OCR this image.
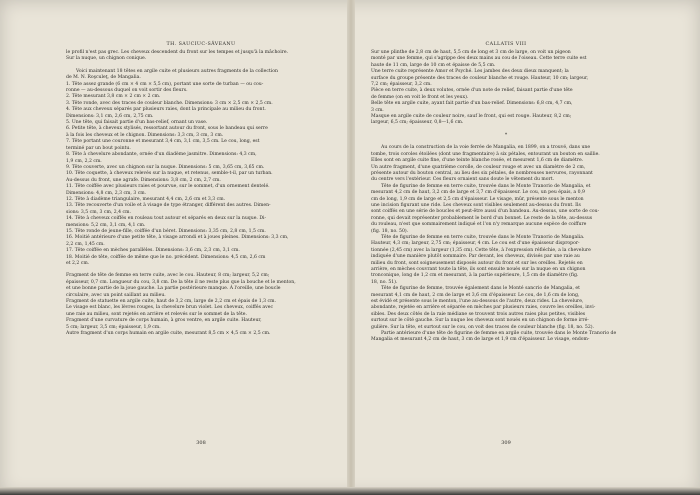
TH. SAUCIUC-SĂVEANU	CALLATIS VIII
le profil n'est pas grec. Les cheveux descendent du front sur les tempes et jusqu'à la mâchoire.
Sur la nuque, un chignon conique.
Voici maintenant 18 têtes en argile cuite et plusieurs autres fragments de la collection
de M. N. Roşculeţ, de Mangalia.
1. Tête assez grande (6 cm × 4 cm × 5,5 cm), portant une sorte de turban — ou cou-
ronne — au-dessous duquel on voit sortir des fleurs.
2. Tête mesurant 3,8 cm × 2 cm × 2 cm.
3. Tête ronde, avec des traces de couleur blanche. Dimensions: 3 cm × 2,5 cm × 2,5 cm.
4. Tête aux cheveux séparés par plusieurs raies, dont la principale au milieu du front.
Dimensions: 3,1 cm, 2,6 cm, 2,75 cm.
5. Une tête, qui faisait partie d'un bas-relief, ornant un vase.
6. Petite tête, à cheveux stylisés, ressortant autour du front, sous le bandeau qui serre
à la fois les cheveux et le chignon. Dimensions: 3,3 cm, 3 cm, 3 cm.
7. Tête portant une couronne et mesurant 3,4 cm, 3,1 cm, 3,5 cm. Le cou, long, est
terminé par un bout pointu.
8. Tête à chevelure abondante, ornée d'un diadème jasmitre. Dimensions: 4,3 cm,
1,9 cm, 2,2 cm.
9. Tête couverte, avec un chignon sur la nuque. Dimensions: 5 cm, 3,65 cm, 3,65 cm.
10. Tête coquette, à cheveux relevés sur la nuque, et retenus, semble-t-il, par un turban.
Au-dessus du front, une agrafe. Dimensions: 3,8 cm, 2 cm, 2,7 cm.
11. Tête coiffée avec plusieurs raies et pourvue, sur le sommet, d'un ornement dentelé.
Dimensions: 4,8 cm, 2,3 cm, 3 cm.
12. Tête à diadème triangulaire, mesurant 4,4 cm, 2,6 cm et 3,3 cm.
13. Tête recouverte d'un voile et à visage de type étranger, différent des autres. Dimen-
sions: 3,5 cm, 3 cm, 2,4 cm.
14. Tête à cheveux coiffés en rouleau tout autour et séparés en deux sur la nuque. Di-
mensions: 5,2 cm, 3,1 cm, 4,1 cm.
15. Tête ronde de jeune-fille, coiffée d'un béret. Dimensions: 3,35 cm, 2,8 cm, 1,5 cm.
16. Moitié antérieure d'une petite tête, à visage arrondi et à joues pleines. Dimensions: 3,3 cm,
2,2 cm, 1,45 cm.
17. Tête coiffée en mèches parallèles. Dimensions: 3,6 cm, 2,3 cm, 3,1 cm.
18. Moitié de tête, coiffée de même que le no. précédent. Dimensions: 4,5 cm, 2,6 cm
et 2,2 cm.
Fragment de tête de femme en terre cuite, avec le cou. Hauteur, 8 cm; largeur, 5,2 cm;
épaisseur, 0,7 cm. Longueur du cou, 3,8 cm. De la tête il ne reste plus que la bouche et le menton,
et une bonne partie de la joue gauche. La partie postérieure manque. À l'oreille, une boucle
circulaire, avec un point saillant au milieu.
Fragment de statuette en argile cuite, haut de 3,2 cm, large de 2,2 cm et épais de 1,3 cm.
Le visage est blanc, les lèvres rouges, la chevelure brun violet. Les cheveux, coiffés avec
une raie au milieu, sont rejetés en arrière et relevés sur le sommet de la tête.
Fragment d'une curvature de corps humain, à gros ventre, en argile cuite. Hauteur,
5 cm; largeur, 3,5 cm; épaisseur, 1,9 cm.
Autre fragment d'un corps humain en argile cuite, mesurant 8,5 cm × 4,5 cm × 2,5 cm.
Sur une plinthe de 2,8 cm de haut, 5,5 cm de long et 3 cm de large, on voit un pigeon
monté par une femme, qui s'agrippe des deux mains au cou de l'oiseau. Cette terre cuite est
haute de 11 cm, large de 10 cm et épaisse de 5,5 cm.
Une terre cuite représente Amor et Psyché. Les jambes des deux dieux manquent; la
surface du groupe présente des traces de couleur blanche et rouge. Hauteur, 10 cm; largeur,
7,2 cm; épaisseur, 3,2 cm.
Pièce en terre cuite, à deux volutes, ornée d'un note de relief, faisant partie d'une tête
de femme (on en voit le front et les yeux).
Belle tête en argile cuite, ayant fait partie d'un bas-relief. Dimensions: 6,8 cm, 4,7 cm,
3 cm.
Masque en argile cuite de couleur noire, sauf le front, qui est rouge. Hauteur, 8,2 cm;
largeur, 6,5 cm; épaisseur, 0,8—1,6 cm.
*
Au cours de la construction de la voie ferrée de Mangalia, en 1899, on a trouvé, dans une
tombe, trois coroles étoilées (dont une fragmentaire) à six pétales, entourant un bouton en saillie.
Elles sont en argile cuite fine, d'une teinte blanche rosée, et mesurent 1,6 cm de diamètre.
Un autre fragment, d'une quatrième corolle, de couleur rouge et avec un diamètre de 2 cm,
présente autour du bouton central, au lieu des six pétales, de nombreuses nervures, rayonnant
du centre vers l'extérieur. Ces fleurs ornaient sans doute le vêtement du mort.
Tête de figurine de femme en terre cuite, trouvée dans le Monte Tranorio de Mangalia, et
mesurant 4,2 cm de haut, 3,2 cm de large et 3,7 cm d'épaisseur. Le cou, un peu épais, a 0,9
cm de long, 1,9 cm de large et 2,5 cm d'épaisseur. Le visage, mûr, présente sous le menton
une incision figurant une ride. Les cheveux sont visibles seulement au-dessus du front. Ils
sont coiffés en une série de boucles et peut-être aussi d'un bandeau. Au-dessus, une sorte de cou-
ronne, qui devait représenter probablement le bord d'un bonnet. Le reste de la tête, au-dessus
du rouleau, n'est que sommairement indiqué et l'on n'y remarque aucune espèce de coiffure
(fig. 18, no. 50).
Tête de figurine de femme en terre cuite, trouvée dans le Monte Tranorio de Mangalia.
Hauteur, 4,3 cm; largeur, 2,75 cm; épaisseur, 4 cm. Le cou est d'une épaisseur dispropor-
tionnée (2,45 cm) avec la largeur (1,35 cm). Cette tête, à l'expression réfléchie, a la chevelure
indiquée d'une manière plutôt sommaire. Par devant, les cheveux, divisés par une raie au
milieu du front, sont soigneusement disposés autour du front et sur les oreilles. Rejetés en
arrière, en mèches couvrant toute la tête, ils sont ensuite noués sur la nuque en un chignon
tronconique, long de 1,2 cm et mesurant, à la partie supérieure, 1,5 cm de diamètre (fig.
18, no. 51).
Tête de figurine de femme, trouvée également dans le Monté sancrio de Mangalia, et
mesurant 4,1 cm de haut, 2 cm de large et 3,6 cm d'épaisseur. Le cou, de 1,6 cm de long,
est évidé et présente sous le menton, l'une au-dessous de l'autre, deux rides. La chevelure,
abondante, rejetée en arrière et séparée en mèches par plusieurs raies, couvre les oreilles, invi-
sibles. Des deux côtés de la raie médiane se trouvent trois autres raies plus petites, visibles
surtout sur le côté gauche. Sur la nuque les cheveux sont noués en un chignon de forme irré-
gulière. Sur la tête, et surtout sur le cou, on voit des traces de couleur blanche (fig. 18, no. 52).
Partie antérieure d'une tête de figurine de femme en argile cuite, trouvée dans le Monte Tranorio de
Mangalia et mesurant 4,2 cm de haut, 3 cm de large et 1,9 cm d'épaisseur. Le visage, endom-
308	309
